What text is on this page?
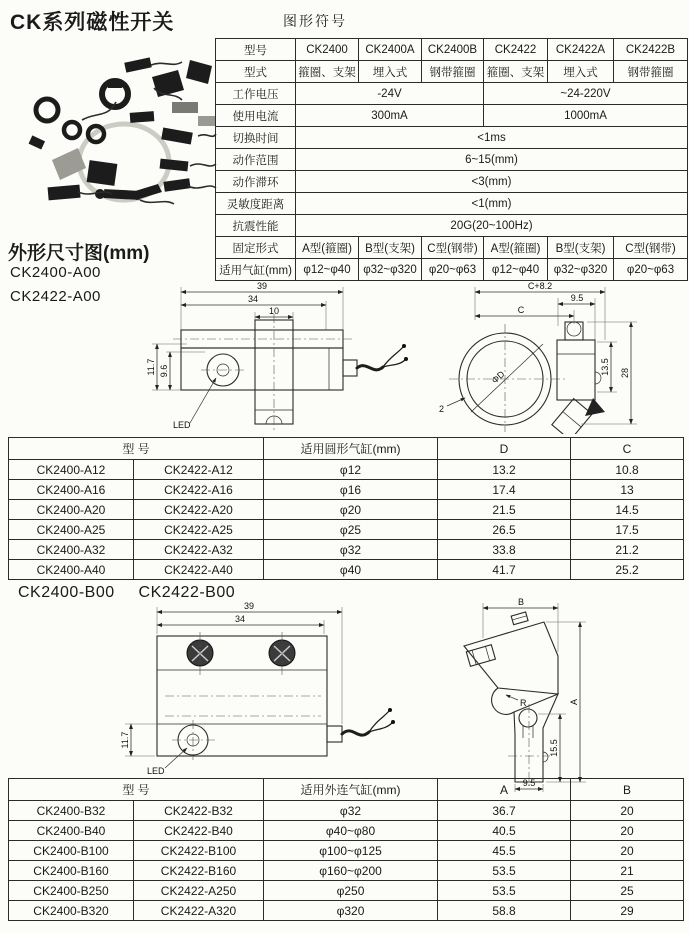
CK系列磁性开关	图形符号
型号	CK2400	CK2400A	CK2400B	CK2422	CK2422A	CK2422B
型式	箍圈、支架	埋入式	钢带箍圈	箍圈、支架	埋入式	钢带箍圈
工作电压	-24V			~24-220V		
使用电流	300mA			1000mA		
切换时间	<1ms					
动作范围	6~15(mm)					
动作滞环	<3(mm)					
灵敏度距离	<1(mm)					
抗震性能	20G(20~100Hz)					
固定形式	A型(箍圈)	B型(支架)	C型(钢带)	A型(箍圈)	B型(支架)	C型(钢带)
适用气缸(mm)	φ12~φ40	φ32~φ320	φ20~φ63	φ12~φ40	φ32~φ320	φ20~φ63
外形尺寸图(mm)
CK2400-A00
CK2422-A00
39
34
10
11.7 9.6
LED
C+8.2
9.5
C
ΦD
2
13.5 28
型 号		适用圆形气缸(mm)	D	C
CK2400-A12	CK2422-A12	φ12	13.2	10.8
CK2400-A16	CK2422-A16	φ16	17.4	13
CK2400-A20	CK2422-A20	φ20	21.5	14.5
CK2400-A25	CK2422-A25	φ25	26.5	17.5
CK2400-A32	CK2422-A32	φ32	33.8	21.2
CK2400-A40	CK2422-A40	φ40	41.7	25.2
CK2400-B00 CK2422-B00
39
34
11.7
LED
B
R	A
15.5
9.5
型 号		适用外连气缸(mm)	A	B
CK2400-B32	CK2422-B32	φ32	36.7	20
CK2400-B40	CK2422-B40	φ40~φ80	40.5	20
CK2400-B100	CK2422-B100	φ100~φ125	45.5	20
CK2400-B160	CK2422-B160	φ160~φ200	53.5	21
CK2400-B250	CK2422-A250	φ250	53.5	25
CK2400-B320	CK2422-A320	φ320	58.8	29
